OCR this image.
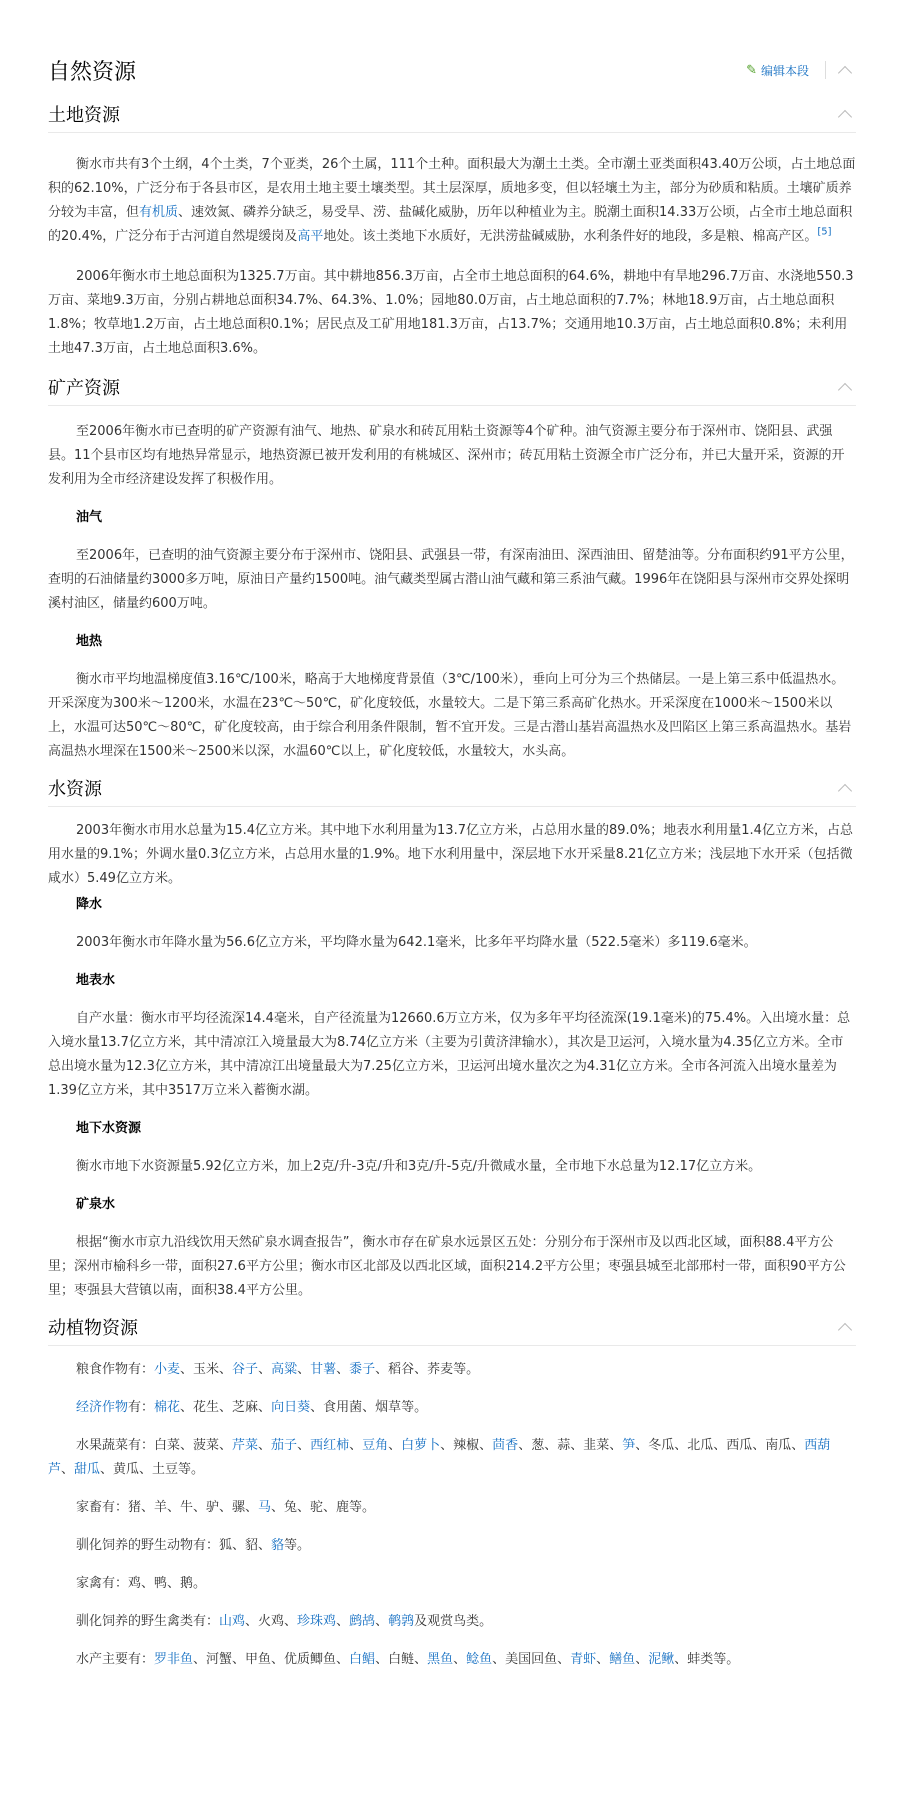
自然资源	✎ 编辑本段
土地资源

衡水市共有3个土纲，4个土类，7个亚类，26个土属，111个土种。面积最大为潮土土类。全市潮土亚类面积43.40万公顷，占土地总面积的62.10%，广泛分布于各县市区，是农用土地主要土壤类型。其土层深厚，质地多变，但以轻壤土为主，部分为砂质和粘质。土壤矿质养分较为丰富，但有机质、速效氮、磷养分缺乏，易受旱、涝、盐碱化威胁，历年以种植业为主。脱潮土面积14.33万公顷，占全市土地总面积的20.4%，广泛分布于古河道自然堤缓岗及高平地处。该土类地下水质好，无洪涝盐碱威胁，水利条件好的地段，多是粮、棉高产区。[5]

2006年衡水市土地总面积为1325.7万亩。其中耕地856.3万亩，占全市土地总面积的64.6%，耕地中有旱地296.7万亩、水浇地550.3万亩、菜地9.3万亩，分别占耕地总面积34.7%、64.3%、1.0%；园地80.0万亩，占土地总面积的7.7%；林地18.9万亩，占土地总面积1.8%；牧草地1.2万亩，占土地总面积0.1%；居民点及工矿用地181.3万亩，占13.7%；交通用地10.3万亩，占土地总面积0.8%；未利用土地47.3万亩，占土地总面积3.6%。

矿产资源

至2006年衡水市已查明的矿产资源有油气、地热、矿泉水和砖瓦用粘土资源等4个矿种。油气资源主要分布于深州市、饶阳县、武强县。11个县市区均有地热异常显示，地热资源已被开发利用的有桃城区、深州市；砖瓦用粘土资源全市广泛分布，并已大量开采，资源的开发利用为全市经济建设发挥了积极作用。

油气

至2006年，已查明的油气资源主要分布于深州市、饶阳县、武强县一带，有深南油田、深西油田、留楚油等。分布面积约91平方公里，查明的石油储量约3000多万吨，原油日产量约1500吨。油气藏类型属古潜山油气藏和第三系油气藏。1996年在饶阳县与深州市交界处探明溪村油区，储量约600万吨。

地热

衡水市平均地温梯度值3.16℃/100米，略高于大地梯度背景值（3℃/100米），垂向上可分为三个热储层。一是上第三系中低温热水。开采深度为300米～1200米，水温在23℃～50℃，矿化度较低，水量较大。二是下第三系高矿化热水。开采深度在1000米～1500米以上，水温可达50℃～80℃，矿化度较高，由于综合利用条件限制，暂不宜开发。三是古潜山基岩高温热水及凹陷区上第三系高温热水。基岩高温热水埋深在1500米～2500米以深，水温60℃以上，矿化度较低，水量较大，水头高。

水资源

2003年衡水市用水总量为15.4亿立方米。其中地下水利用量为13.7亿立方米，占总用水量的89.0%；地表水利用量1.4亿立方米，占总用水量的9.1%；外调水量0.3亿立方米，占总用水量的1.9%。地下水利用量中，深层地下水开采量8.21亿立方米；浅层地下水开采（包括微咸水）5.49亿立方米。

降水

2003年衡水市年降水量为56.6亿立方米，平均降水量为642.1毫米，比多年平均降水量（522.5毫米）多119.6毫米。

地表水

自产水量：衡水市平均径流深14.4毫米，自产径流量为12660.6万立方米，仅为多年平均径流深(19.1毫米)的75.4%。入出境水量：总入境水量13.7亿立方米，其中清凉江入境量最大为8.74亿立方米（主要为引黄济津输水），其次是卫运河，入境水量为4.35亿立方米。全市总出境水量为12.3亿立方米，其中清凉江出境量最大为7.25亿立方米，卫运河出境水量次之为4.31亿立方米。全市各河流入出境水量差为1.39亿立方米，其中3517万立米入蓄衡水湖。

地下水资源

衡水市地下水资源量5.92亿立方米，加上2克/升-3克/升和3克/升-5克/升微咸水量，全市地下水总量为12.17亿立方米。

矿泉水

根据“衡水市京九沿线饮用天然矿泉水调查报告”，衡水市存在矿泉水远景区五处：分别分布于深州市及以西北区域，面积88.4平方公里；深州市榆科乡一带，面积27.6平方公里；衡水市区北部及以西北区域，面积214.2平方公里；枣强县城至北部邢村一带，面积90平方公里；枣强县大营镇以南，面积38.4平方公里。

动植物资源

粮食作物有：小麦、玉米、谷子、高粱、甘薯、黍子、稻谷、荞麦等。

经济作物有：棉花、花生、芝麻、向日葵、食用菌、烟草等。

水果蔬菜有：白菜、菠菜、芹菜、茄子、西红柿、豆角、白萝卜、辣椒、茴香、葱、蒜、韭菜、笋、冬瓜、北瓜、西瓜、南瓜、西葫芦、甜瓜、黄瓜、土豆等。

家畜有：猪、羊、牛、驴、骡、马、兔、驼、鹿等。

驯化饲养的野生动物有：狐、貂、貉等。

家禽有：鸡、鸭、鹅。

驯化饲养的野生禽类有：山鸡、火鸡、珍珠鸡、鹧鸪、鹌鹑及观赏鸟类。

水产主要有：罗非鱼、河蟹、甲鱼、优质鲫鱼、白鲳、白鲢、黑鱼、鲶鱼、美国回鱼、青虾、鳝鱼、泥鳅、蚌类等。
